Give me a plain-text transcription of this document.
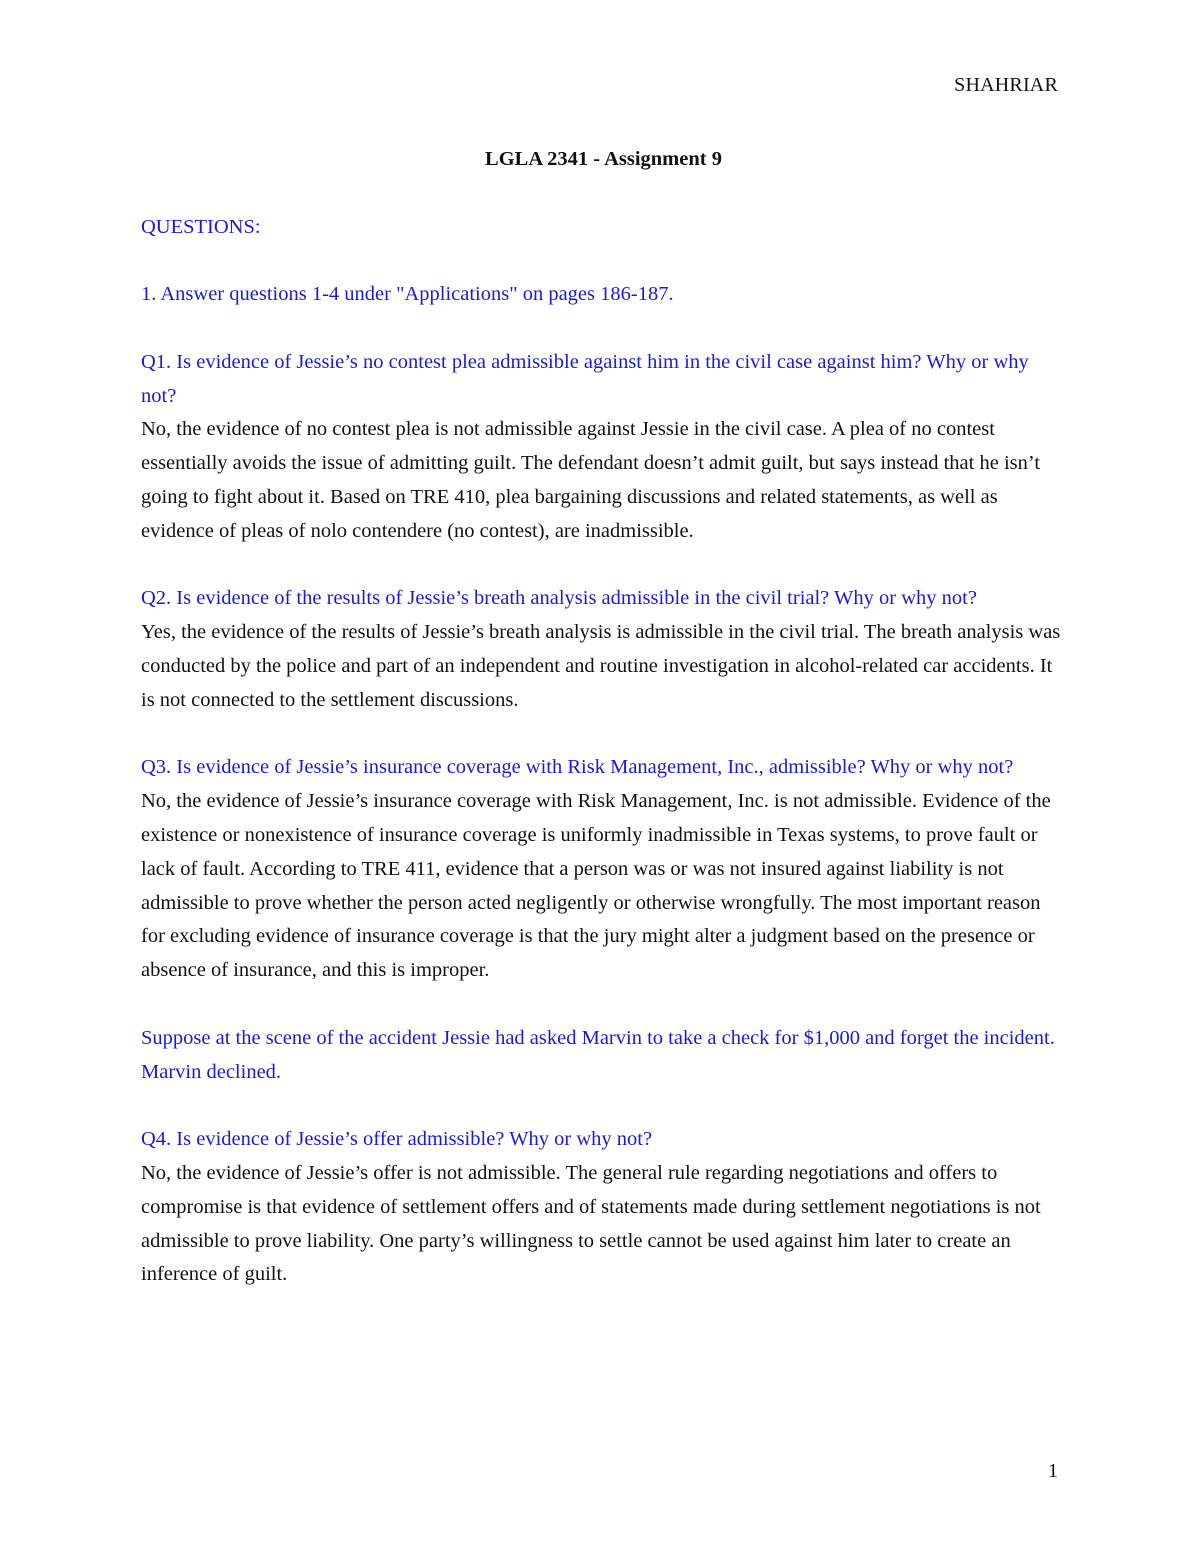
SHAHRIAR

LGLA 2341 - Assignment 9

QUESTIONS:

1. Answer questions 1-4 under "Applications" on pages 186-187.

Q1. Is evidence of Jessie’s no contest plea admissible against him in the civil case against him? Why or why not?

No, the evidence of no contest plea is not admissible against Jessie in the civil case. A plea of no contest essentially avoids the issue of admitting guilt. The defendant doesn’t admit guilt, but says instead that he isn’t going to fight about it. Based on TRE 410, plea bargaining discussions and related statements, as well as evidence of pleas of nolo contendere (no contest), are inadmissible.

Q2. Is evidence of the results of Jessie’s breath analysis admissible in the civil trial? Why or why not?

Yes, the evidence of the results of Jessie’s breath analysis is admissible in the civil trial. The breath analysis was conducted by the police and part of an independent and routine investigation in alcohol-related car accidents. It is not connected to the settlement discussions.

Q3. Is evidence of Jessie’s insurance coverage with Risk Management, Inc., admissible? Why or why not?

No, the evidence of Jessie’s insurance coverage with Risk Management, Inc. is not admissible. Evidence of the existence or nonexistence of insurance coverage is uniformly inadmissible in Texas systems, to prove fault or lack of fault. According to TRE 411, evidence that a person was or was not insured against liability is not admissible to prove whether the person acted negligently or otherwise wrongfully. The most important reason for excluding evidence of insurance coverage is that the jury might alter a judgment based on the presence or absence of insurance, and this is improper.

Suppose at the scene of the accident Jessie had asked Marvin to take a check for $1,000 and forget the incident. Marvin declined.

Q4. Is evidence of Jessie’s offer admissible? Why or why not?

No, the evidence of Jessie’s offer is not admissible. The general rule regarding negotiations and offers to compromise is that evidence of settlement offers and of statements made during settlement negotiations is not admissible to prove liability. One party’s willingness to settle cannot be used against him later to create an inference of guilt.

1
